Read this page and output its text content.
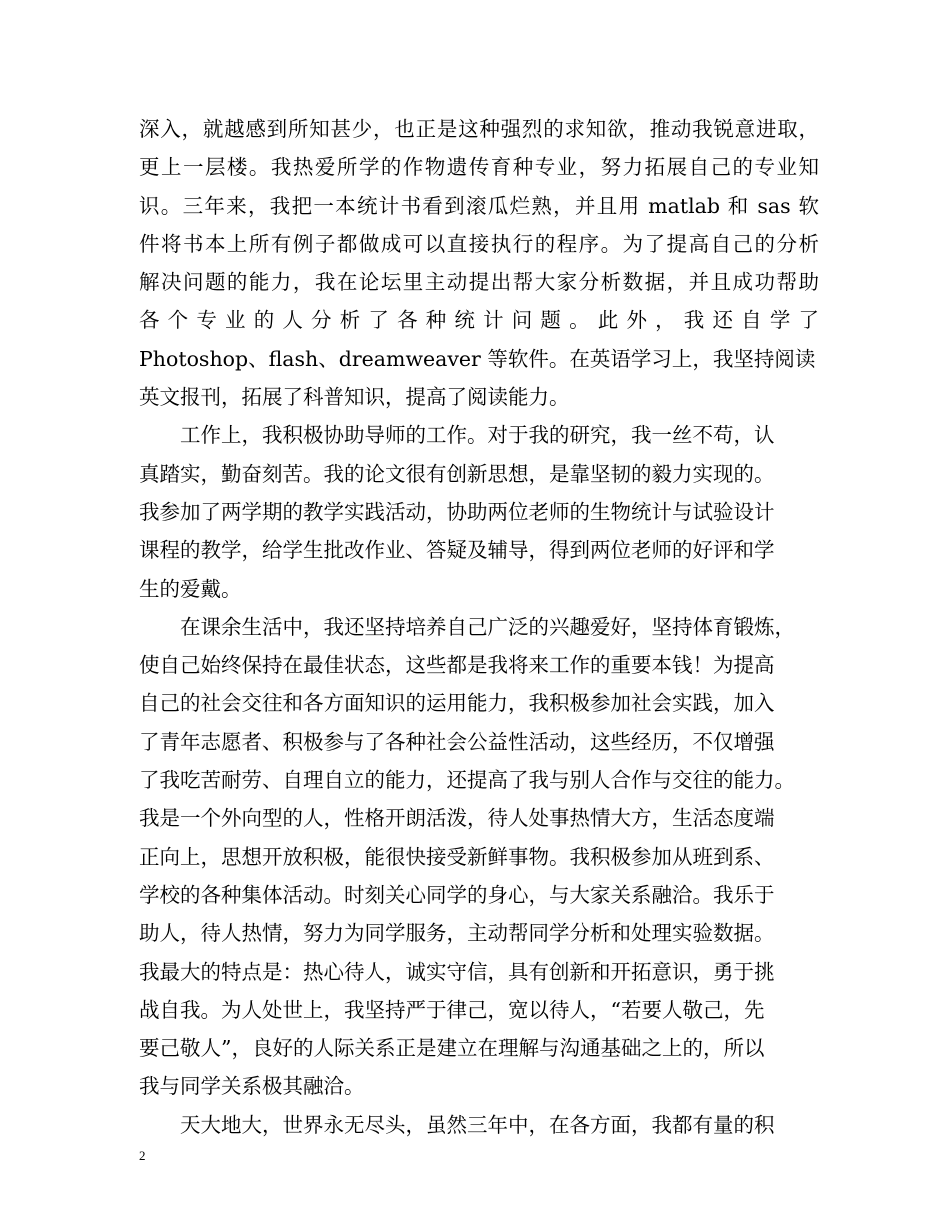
深入，就越感到所知甚少，也正是这种强烈的求知欲，推动我锐意进取，
更上一层楼。我热爱所学的作物遗传育种专业，努力拓展自己的专业知
识。三年来，我把一本统计书看到滚瓜烂熟，并且用 matlab 和 sas 软
件将书本上所有例子都做成可以直接执行的程序。为了提高自己的分析
解决问题的能力，我在论坛里主动提出帮大家分析数据，并且成功帮助
各个专业的人分析了各种统计问题。此外，我还自学了
Photoshop、flash、dreamweaver 等软件。在英语学习上，我坚持阅读
英文报刊，拓展了科普知识，提高了阅读能力。
　　工作上，我积极协助导师的工作。对于我的研究，我一丝不苟，认
真踏实，勤奋刻苦。我的论文很有创新思想，是靠坚韧的毅力实现的。
我参加了两学期的教学实践活动，协助两位老师的生物统计与试验设计
课程的教学，给学生批改作业、答疑及辅导，得到两位老师的好评和学
生的爱戴。
　　在课余生活中，我还坚持培养自己广泛的兴趣爱好，坚持体育锻炼，
使自己始终保持在最佳状态，这些都是我将来工作的重要本钱！为提高
自己的社会交往和各方面知识的运用能力，我积极参加社会实践，加入
了青年志愿者、积极参与了各种社会公益性活动，这些经历，不仅增强
了我吃苦耐劳、自理自立的能力，还提高了我与别人合作与交往的能力。
我是一个外向型的人，性格开朗活泼，待人处事热情大方，生活态度端
正向上，思想开放积极，能很快接受新鲜事物。我积极参加从班到系、
学校的各种集体活动。时刻关心同学的身心，与大家关系融洽。我乐于
助人，待人热情，努力为同学服务，主动帮同学分析和处理实验数据。
我最大的特点是：热心待人，诚实守信，具有创新和开拓意识，勇于挑
战自我。为人处世上，我坚持严于律己，宽以待人，“若要人敬己，先
要己敬人”，良好的人际关系正是建立在理解与沟通基础之上的，所以
我与同学关系极其融洽。
　　天大地大，世界永无尽头，虽然三年中，在各方面，我都有量的积
2
